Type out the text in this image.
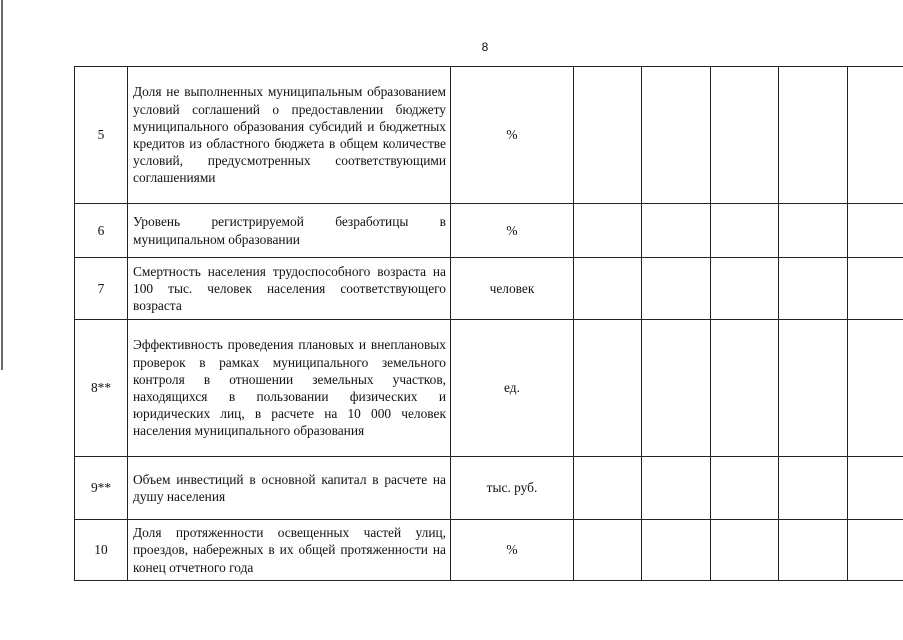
8
5	Доля не выполненных муниципальным образованием условий соглашений о предоставлении бюджету муниципального образования субсидий и бюджетных кредитов из областного бюджета в общем количестве условий, предусмотренных соответствующими соглашениями	%					
6	Уровень регистрируемой безработицы в муниципальном образовании	%					
7	Смертность населения трудоспособного возраста на 100 тыс. человек населения соответствующего возраста	человек					
8**	Эффективность проведения плановых и внеплановых проверок в рамках муниципального земельного контроля в отношении земельных участков, находящихся в пользовании физических и юридических лиц, в расчете на 10 000 человек населения муниципального образования	ед.					
9**	Объем инвестиций в основной капитал в расчете на душу населения	тыс. руб.					
10	Доля протяженности освещенных частей улиц, проездов, набережных в их общей протяженности на конец отчетного года	%					
